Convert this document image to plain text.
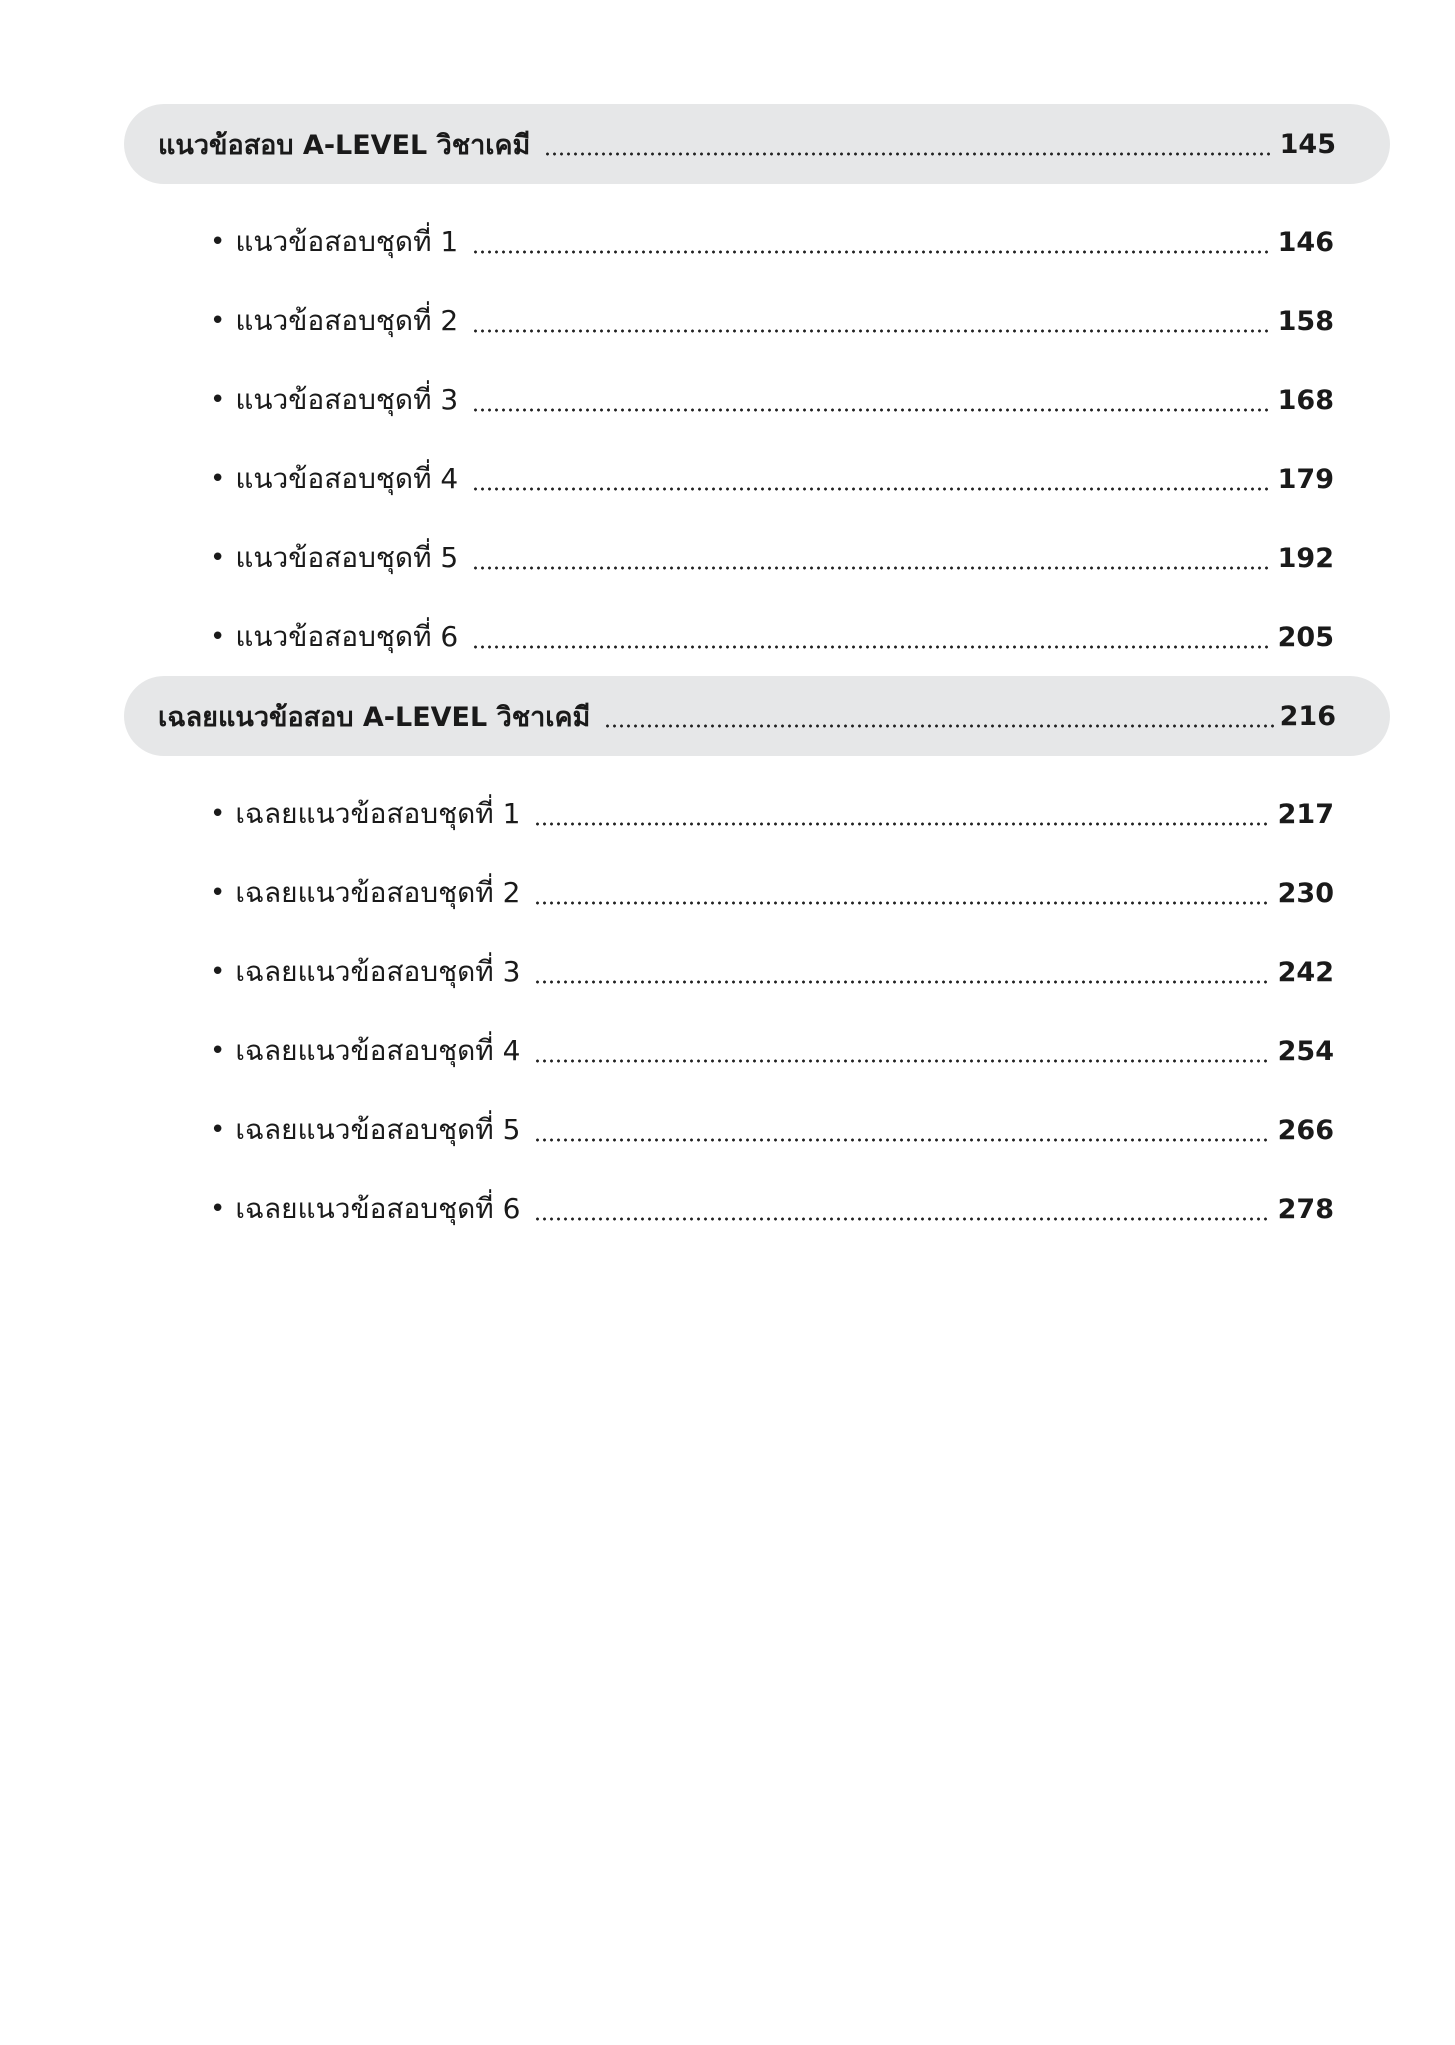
แนวข้อสอบ A-LEVEL วิชาเคมี	145
• แนวข้อสอบชุดที่ 1	146
• แนวข้อสอบชุดที่ 2	158
• แนวข้อสอบชุดที่ 3	168
• แนวข้อสอบชุดที่ 4	179
• แนวข้อสอบชุดที่ 5	192
• แนวข้อสอบชุดที่ 6	205
เฉลยแนวข้อสอบ A-LEVEL วิชาเคมี	216
• เฉลยแนวข้อสอบชุดที่ 1	217
• เฉลยแนวข้อสอบชุดที่ 2	230
• เฉลยแนวข้อสอบชุดที่ 3	242
• เฉลยแนวข้อสอบชุดที่ 4	254
• เฉลยแนวข้อสอบชุดที่ 5	266
• เฉลยแนวข้อสอบชุดที่ 6	278
